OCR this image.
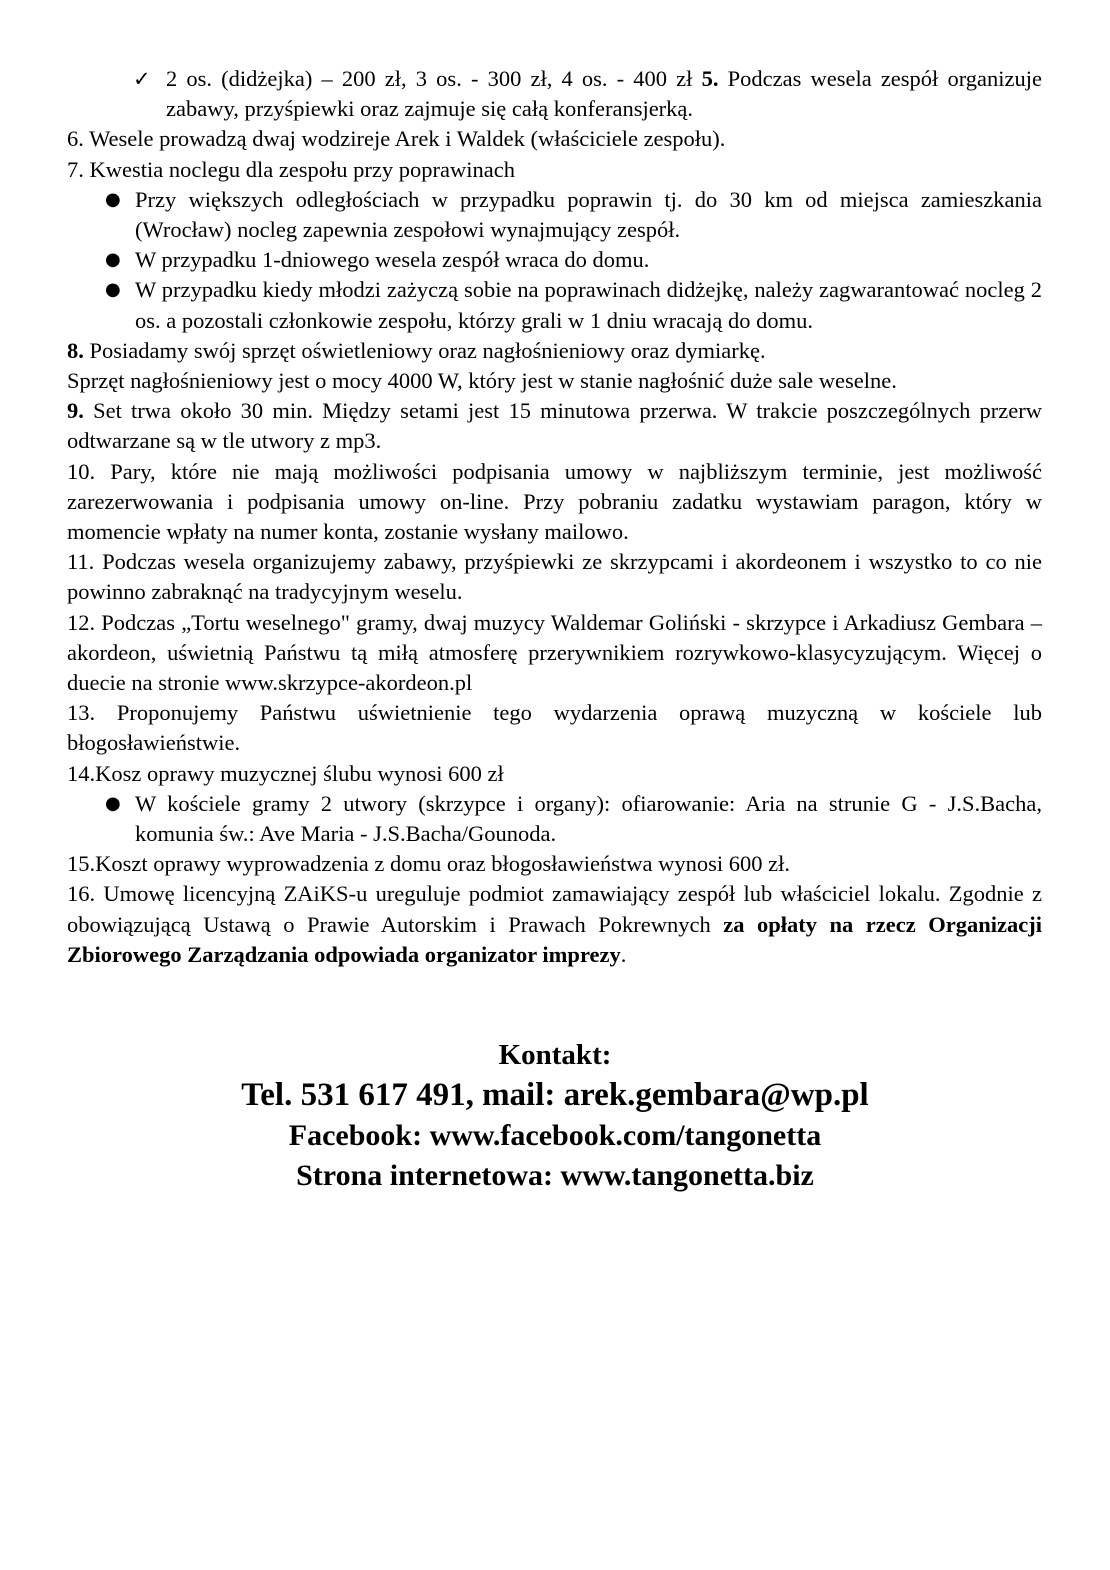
✓ 2 os. (didżejka) – 200 zł, 3 os. - 300 zł, 4 os. - 400 zł 5. Podczas wesela zespół organizuje zabawy, przyśpiewki oraz zajmuje się całą konferansjerką.

6. Wesele prowadzą dwaj wodzireje Arek i Waldek (właściciele zespołu).

7. Kwestia noclegu dla zespołu przy poprawinach

● Przy większych odległościach w przypadku poprawin tj. do 30 km od miejsca zamieszkania (Wrocław) nocleg zapewnia zespołowi wynajmujący zespół.

● W przypadku 1-dniowego wesela zespół wraca do domu.

● W przypadku kiedy młodzi zażyczą sobie na poprawinach didżejkę, należy zagwarantować nocleg 2 os. a pozostali członkowie zespołu, którzy grali w 1 dniu wracają do domu.

8. Posiadamy swój sprzęt oświetleniowy oraz nagłośnieniowy oraz dymiarkę.

Sprzęt nagłośnieniowy jest o mocy 4000 W, który jest w stanie nagłośnić duże sale weselne.

9. Set trwa około 30 min. Między setami jest 15 minutowa przerwa. W trakcie poszczególnych przerw odtwarzane są w tle utwory z mp3.

10. Pary, które nie mają możliwości podpisania umowy w najbliższym terminie, jest możliwość zarezerwowania i podpisania umowy on-line. Przy pobraniu zadatku wystawiam paragon, który w momencie wpłaty na numer konta, zostanie wysłany mailowo.

11. Podczas wesela organizujemy zabawy, przyśpiewki ze skrzypcami i akordeonem i wszystko to co nie powinno zabraknąć na tradycyjnym weselu.

12. Podczas „Tortu weselnego" gramy, dwaj muzycy Waldemar Goliński - skrzypce i Arkadiusz Gembara – akordeon, uświetnią Państwu tą miłą atmosferę przerywnikiem rozrywkowo-klasycyzującym. Więcej o duecie na stronie www.skrzypce-akordeon.pl

13. Proponujemy Państwu uświetnienie tego wydarzenia oprawą muzyczną w kościele lub błogosławieństwie.

14.Kosz oprawy muzycznej ślubu wynosi 600 zł

● W kościele gramy 2 utwory (skrzypce i organy): ofiarowanie: Aria na strunie G - J.S.Bacha, komunia św.: Ave Maria - J.S.Bacha/Gounoda.

15.Koszt oprawy wyprowadzenia z domu oraz błogosławieństwa wynosi 600 zł.

16. Umowę licencyjną ZAiKS-u ureguluje podmiot zamawiający zespół lub właściciel lokalu. Zgodnie z obowiązującą Ustawą o Prawie Autorskim i Prawach Pokrewnych za opłaty na rzecz Organizacji Zbiorowego Zarządzania odpowiada organizator imprezy.

Kontakt:
Tel. 531 617 491, mail: arek.gembara@wp.pl
Facebook: www.facebook.com/tangonetta
Strona internetowa: www.tangonetta.biz
